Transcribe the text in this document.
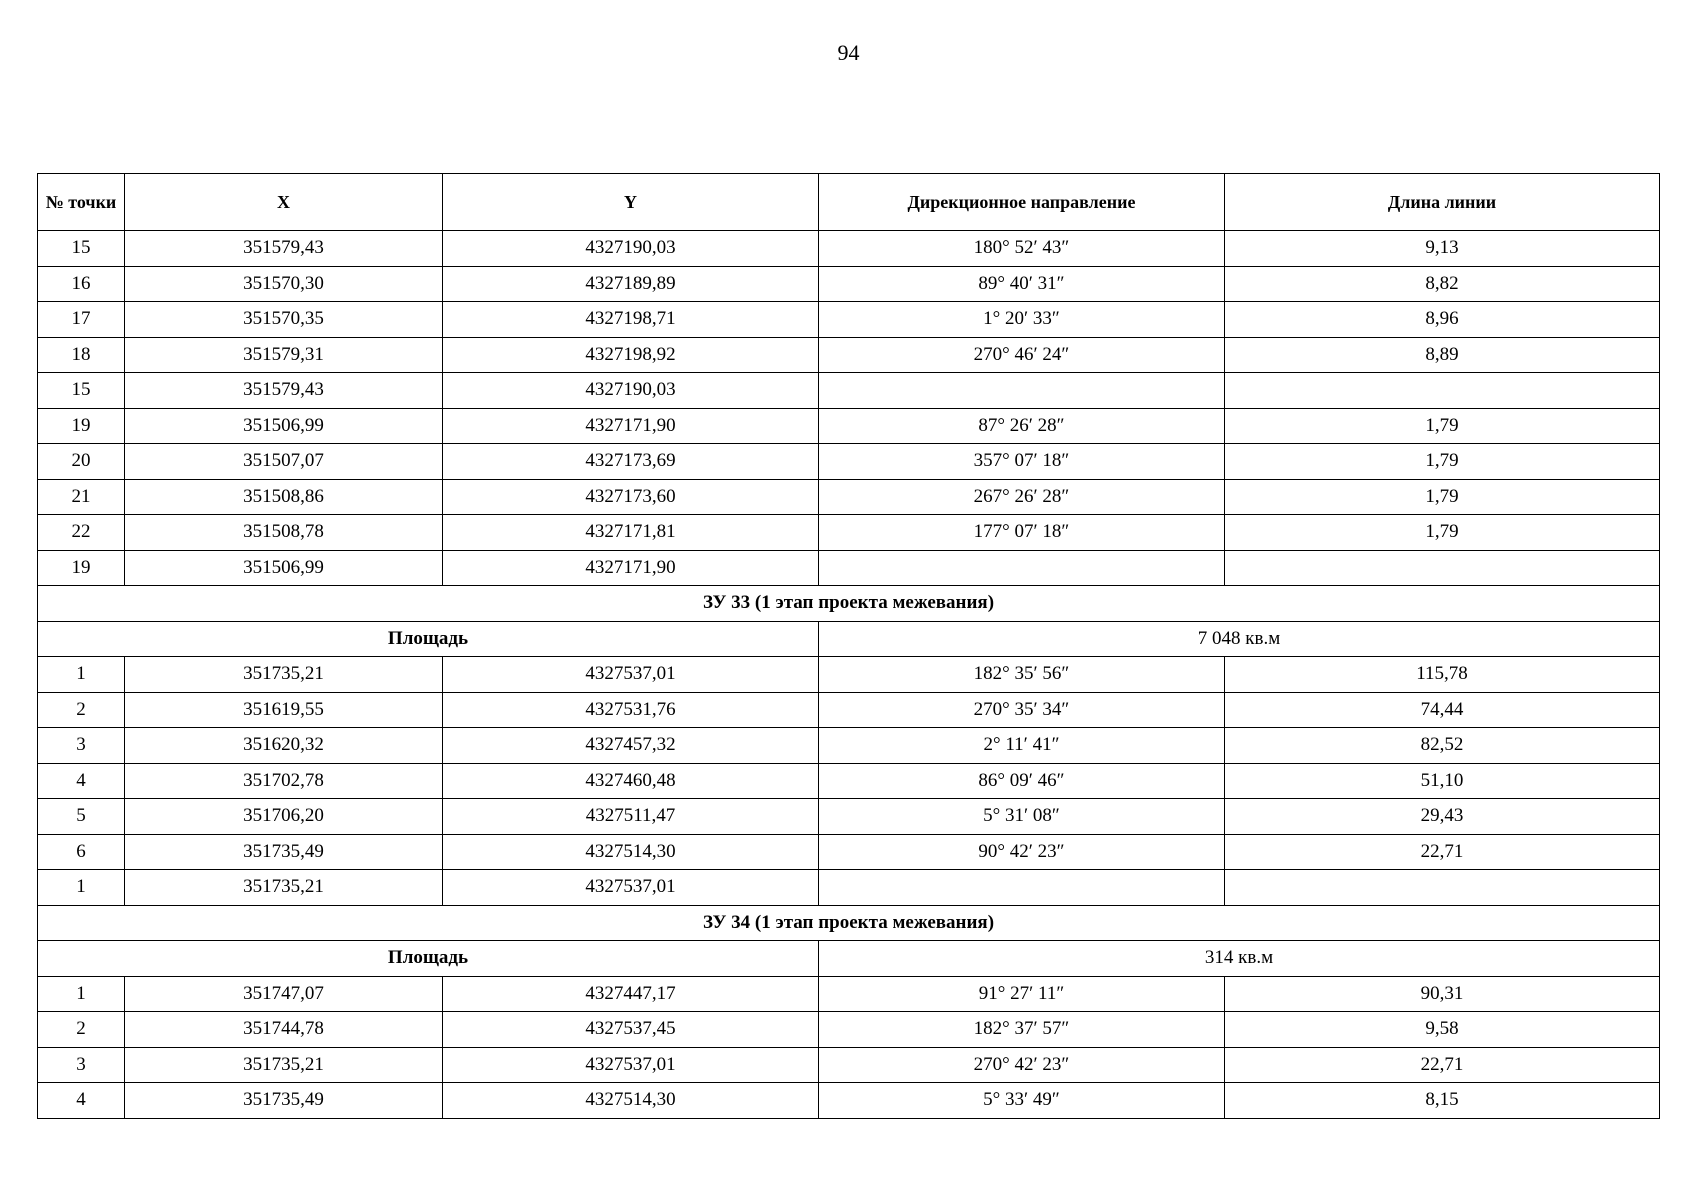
94
№ точки	X	Y	Дирекционное направление	Длина линии
15	351579,43	4327190,03	180° 52′ 43″	9,13
16	351570,30	4327189,89	89° 40′ 31″	8,82
17	351570,35	4327198,71	1° 20′ 33″	8,96
18	351579,31	4327198,92	270° 46′ 24″	8,89
15	351579,43	4327190,03		
19	351506,99	4327171,90	87° 26′ 28″	1,79
20	351507,07	4327173,69	357° 07′ 18″	1,79
21	351508,86	4327173,60	267° 26′ 28″	1,79
22	351508,78	4327171,81	177° 07′ 18″	1,79
19	351506,99	4327171,90		
ЗУ 33 (1 этап проекта межевания)				
Площадь			7 048 кв.м	
1	351735,21	4327537,01	182° 35′ 56″	115,78
2	351619,55	4327531,76	270° 35′ 34″	74,44
3	351620,32	4327457,32	2° 11′ 41″	82,52
4	351702,78	4327460,48	86° 09′ 46″	51,10
5	351706,20	4327511,47	5° 31′ 08″	29,43
6	351735,49	4327514,30	90° 42′ 23″	22,71
1	351735,21	4327537,01		
ЗУ 34 (1 этап проекта межевания)				
Площадь			314 кв.м	
1	351747,07	4327447,17	91° 27′ 11″	90,31
2	351744,78	4327537,45	182° 37′ 57″	9,58
3	351735,21	4327537,01	270° 42′ 23″	22,71
4	351735,49	4327514,30	5° 33′ 49″	8,15
